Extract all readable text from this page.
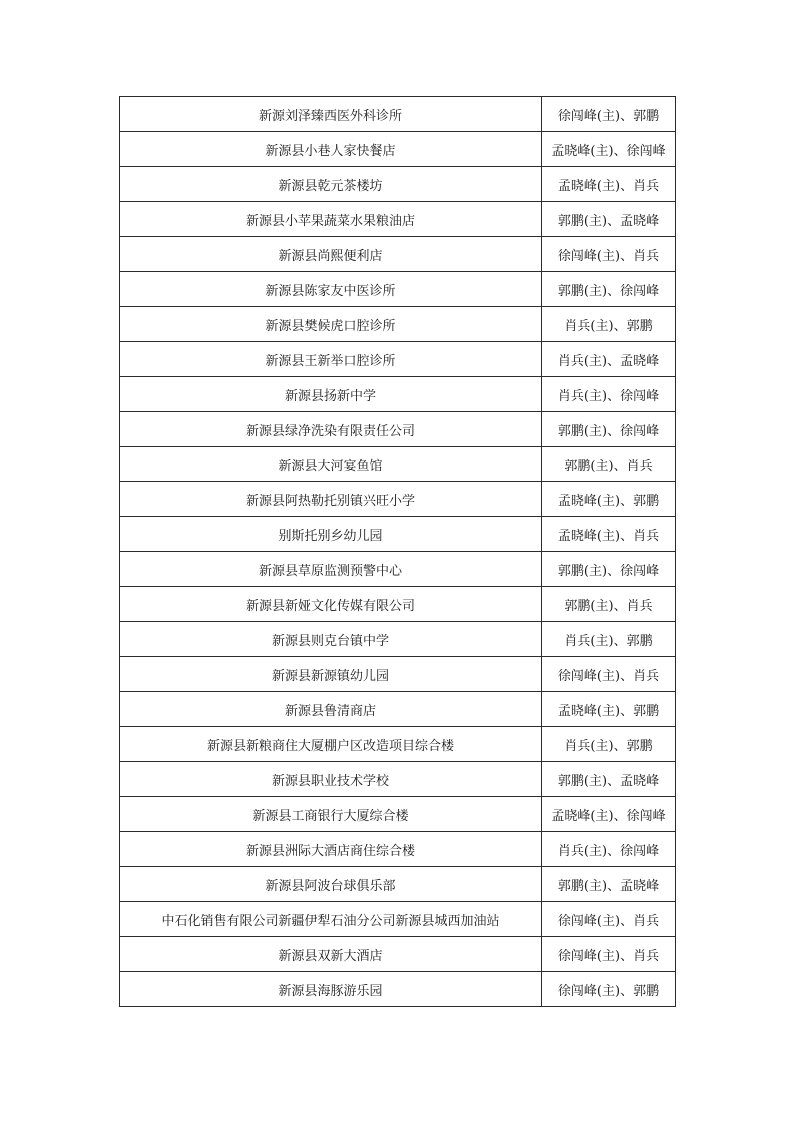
新源刘泽臻西医外科诊所	徐闯峰(主)、郭鹏
新源县小巷人家快餐店	孟晓峰(主)、徐闯峰
新源县乾元茶楼坊	孟晓峰(主)、肖兵
新源县小苹果蔬菜水果粮油店	郭鹏(主)、孟晓峰
新源县尚熙便利店	徐闯峰(主)、肖兵
新源县陈家友中医诊所	郭鹏(主)、徐闯峰
新源县樊候虎口腔诊所	肖兵(主)、郭鹏
新源县王新举口腔诊所	肖兵(主)、孟晓峰
新源县扬新中学	肖兵(主)、徐闯峰
新源县绿净洗染有限责任公司	郭鹏(主)、徐闯峰
新源县大河宴鱼馆	郭鹏(主)、肖兵
新源县阿热勒托别镇兴旺小学	孟晓峰(主)、郭鹏
别斯托别乡幼儿园	孟晓峰(主)、肖兵
新源县草原监测预警中心	郭鹏(主)、徐闯峰
新源县新娅文化传媒有限公司	郭鹏(主)、肖兵
新源县则克台镇中学	肖兵(主)、郭鹏
新源县新源镇幼儿园	徐闯峰(主)、肖兵
新源县鲁清商店	孟晓峰(主)、郭鹏
新源县新粮商住大厦棚户区改造项目综合楼	肖兵(主)、郭鹏
新源县职业技术学校	郭鹏(主)、孟晓峰
新源县工商银行大厦综合楼	孟晓峰(主)、徐闯峰
新源县洲际大酒店商住综合楼	肖兵(主)、徐闯峰
新源县阿波台球俱乐部	郭鹏(主)、孟晓峰
中石化销售有限公司新疆伊犁石油分公司新源县城西加油站	徐闯峰(主)、肖兵
新源县双新大酒店	徐闯峰(主)、肖兵
新源县海豚游乐园	徐闯峰(主)、郭鹏
